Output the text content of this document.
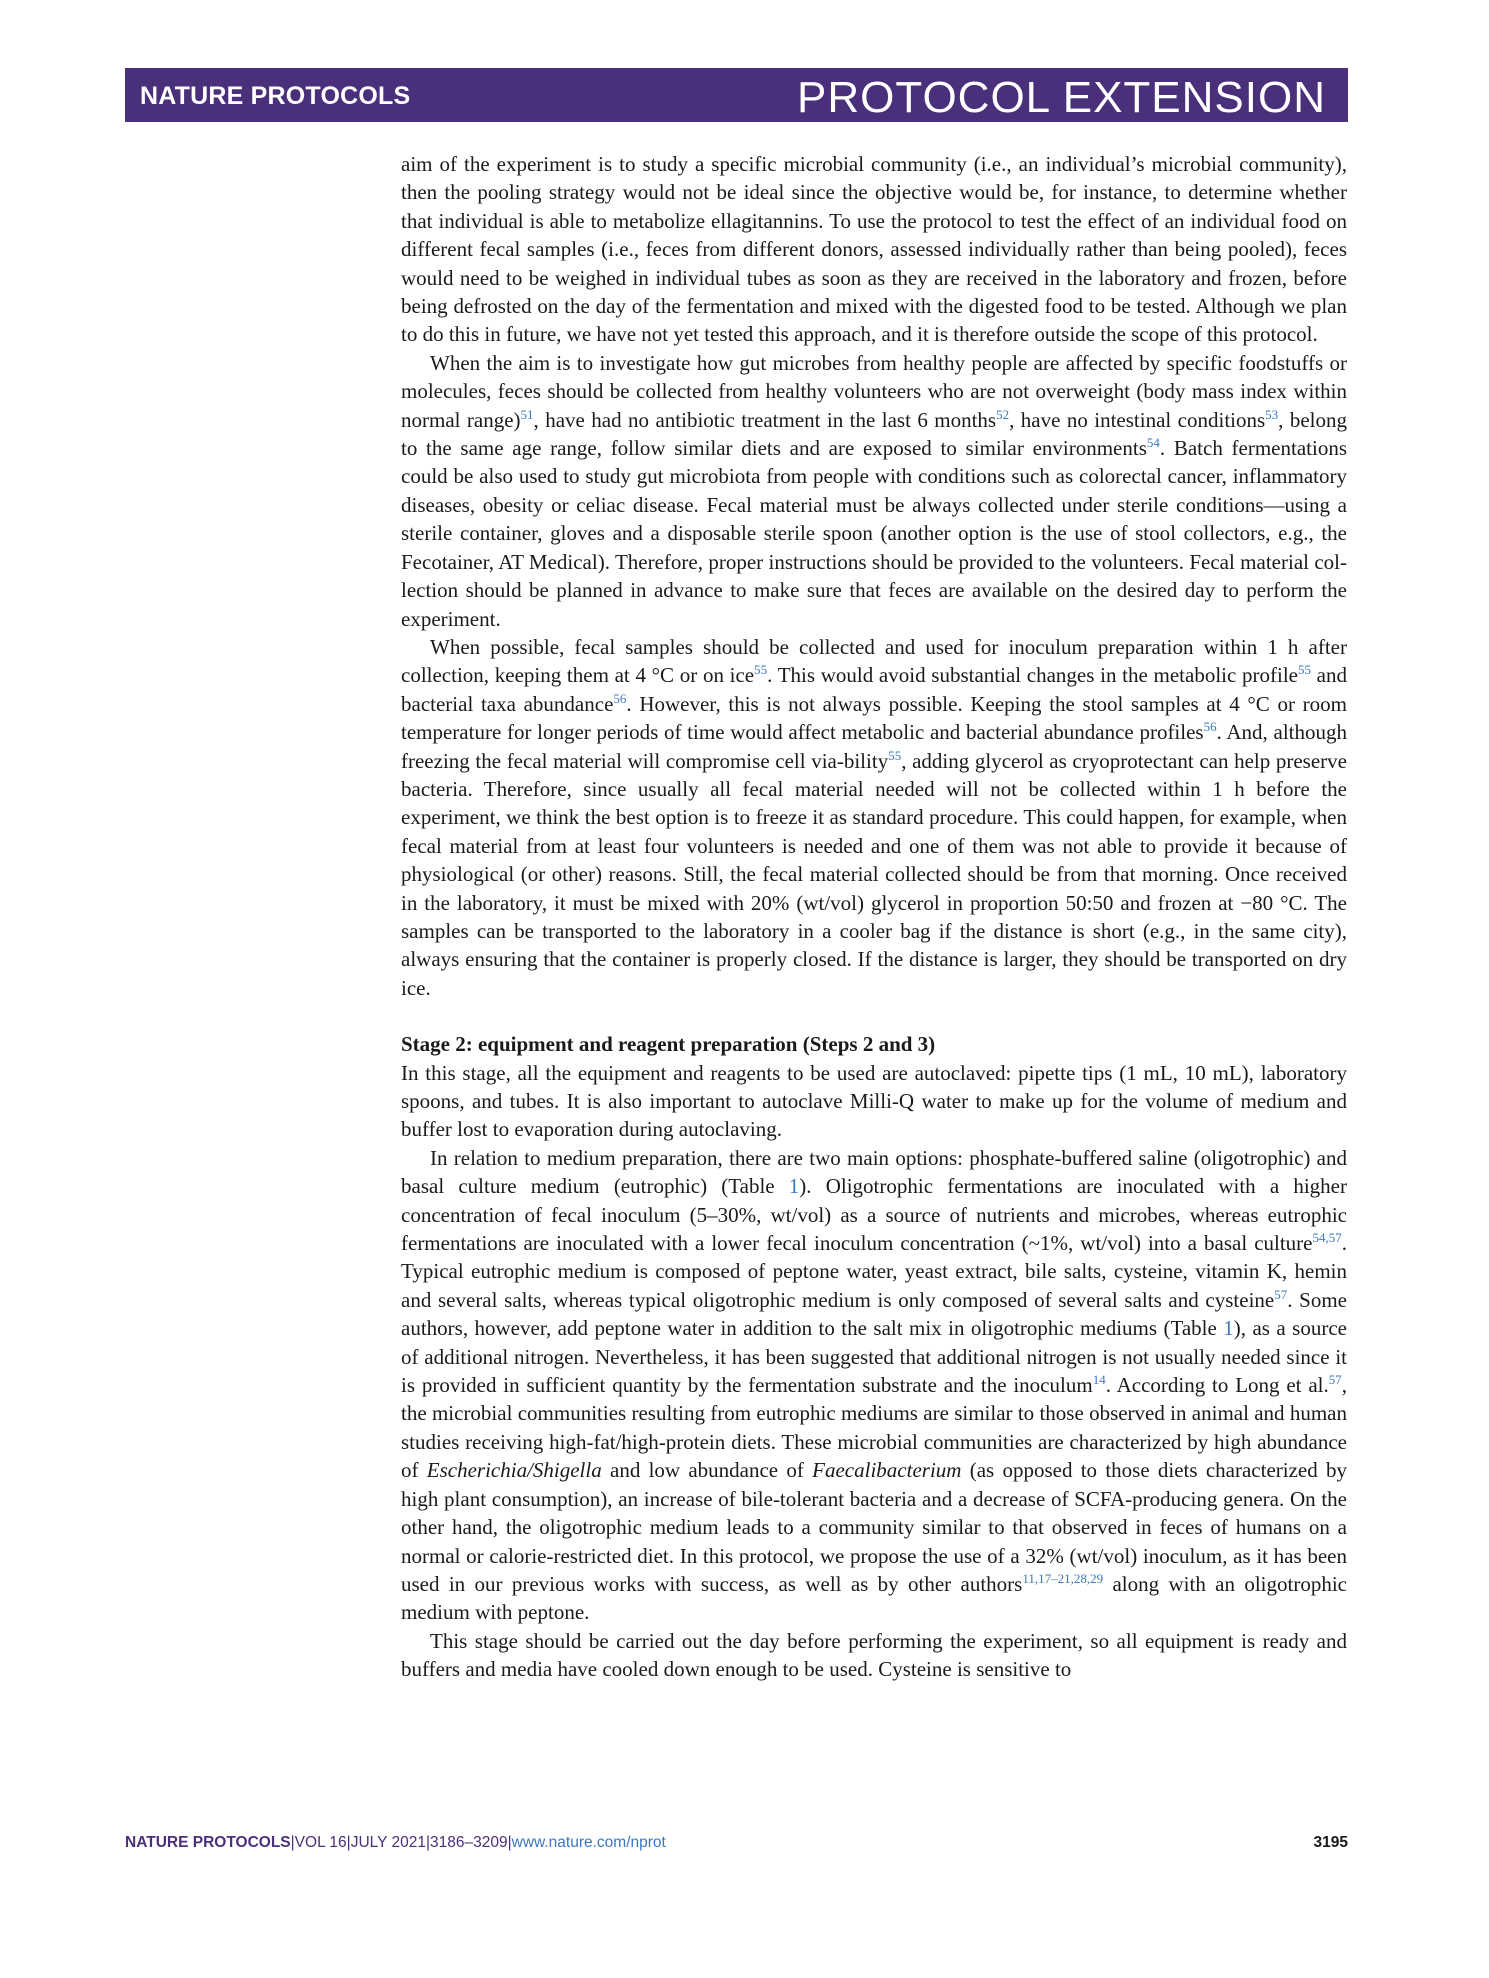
NATURE PROTOCOLS	PROTOCOL EXTENSION

aim of the experiment is to study a specific microbial community (i.e., an individual’s microbial community), then the pooling strategy would not be ideal since the objective would be, for instance, to determine whether that individual is able to metabolize ellagitannins. To use the protocol to test the effect of an individual food on different fecal samples (i.e., feces from different donors, assessed individually rather than being pooled), feces would need to be weighed in individual tubes as soon as they are received in the laboratory and frozen, before being defrosted on the day of the fermentation and mixed with the digested food to be tested. Although we plan to do this in future, we have not yet tested this approach, and it is therefore outside the scope of this protocol.

When the aim is to investigate how gut microbes from healthy people are affected by specific foodstuffs or molecules, feces should be collected from healthy volunteers who are not overweight (body mass index within normal range)$^{51}$, have had no antibiotic treatment in the last 6 months$^{52}$, have no intestinal conditions$^{53}$, belong to the same age range, follow similar diets and are exposed to similar environments$^{54}$. Batch fermentations could be also used to study gut microbiota from people with conditions such as colorectal cancer, inflammatory diseases, obesity or celiac disease. Fecal material must be always collected under sterile conditions—using a sterile container, gloves and a disposable sterile spoon (another option is the use of stool collectors, e.g., the Fecotainer, AT Medical). Therefore, proper instructions should be provided to the volunteers. Fecal material col-lection should be planned in advance to make sure that feces are available on the desired day to perform the experiment.

When possible, fecal samples should be collected and used for inoculum preparation within 1 h after collection, keeping them at 4 °C or on ice$^{55}$. This would avoid substantial changes in the metabolic profile$^{55}$ and bacterial taxa abundance$^{56}$. However, this is not always possible. Keeping the stool samples at 4 °C or room temperature for longer periods of time would affect metabolic and bacterial abundance profiles$^{56}$. And, although freezing the fecal material will compromise cell via-bility$^{55}$, adding glycerol as cryoprotectant can help preserve bacteria. Therefore, since usually all fecal material needed will not be collected within 1 h before the experiment, we think the best option is to freeze it as standard procedure. This could happen, for example, when fecal material from at least four volunteers is needed and one of them was not able to provide it because of physiological (or other) reasons. Still, the fecal material collected should be from that morning. Once received in the laboratory, it must be mixed with 20% (wt/vol) glycerol in proportion 50:50 and frozen at −80 °C. The samples can be transported to the laboratory in a cooler bag if the distance is short (e.g., in the same city), always ensuring that the container is properly closed. If the distance is larger, they should be transported on dry ice.

Stage 2: equipment and reagent preparation (Steps 2 and 3)

In this stage, all the equipment and reagents to be used are autoclaved: pipette tips (1 mL, 10 mL), laboratory spoons, and tubes. It is also important to autoclave Milli-Q water to make up for the volume of medium and buffer lost to evaporation during autoclaving.

In relation to medium preparation, there are two main options: phosphate-buffered saline (oligotrophic) and basal culture medium (eutrophic) (Table 1). Oligotrophic fermentations are inoculated with a higher concentration of fecal inoculum (5–30%, wt/vol) as a source of nutrients and microbes, whereas eutrophic fermentations are inoculated with a lower fecal inoculum concentration (~1%, wt/vol) into a basal culture$^{54,57}$. Typical eutrophic medium is composed of peptone water, yeast extract, bile salts, cysteine, vitamin K, hemin and several salts, whereas typical oligotrophic medium is only composed of several salts and cysteine$^{57}$. Some authors, however, add peptone water in addition to the salt mix in oligotrophic mediums (Table 1), as a source of additional nitrogen. Nevertheless, it has been suggested that additional nitrogen is not usually needed since it is provided in sufficient quantity by the fermentation substrate and the inoculum$^{14}$. According to Long et al.$^{57}$, the microbial communities resulting from eutrophic mediums are similar to those observed in animal and human studies receiving high-fat/high-protein diets. These microbial communities are characterized by high abundance of Escherichia/Shigella and low abundance of Faecalibacterium (as opposed to those diets characterized by high plant consumption), an increase of bile-tolerant bacteria and a decrease of SCFA-producing genera. On the other hand, the oligotrophic medium leads to a community similar to that observed in feces of humans on a normal or calorie-restricted diet. In this protocol, we propose the use of a 32% (wt/vol) inoculum, as it has been used in our previous works with success, as well as by other authors$^{11,17-21,28,29}$ along with an oligotrophic medium with peptone.

This stage should be carried out the day before performing the experiment, so all equipment is ready and buffers and media have cooled down enough to be used. Cysteine is sensitive to

NATURE PROTOCOLS|VOL 16|JULY 2021|3186–3209|www.nature.com/nprot	3195
